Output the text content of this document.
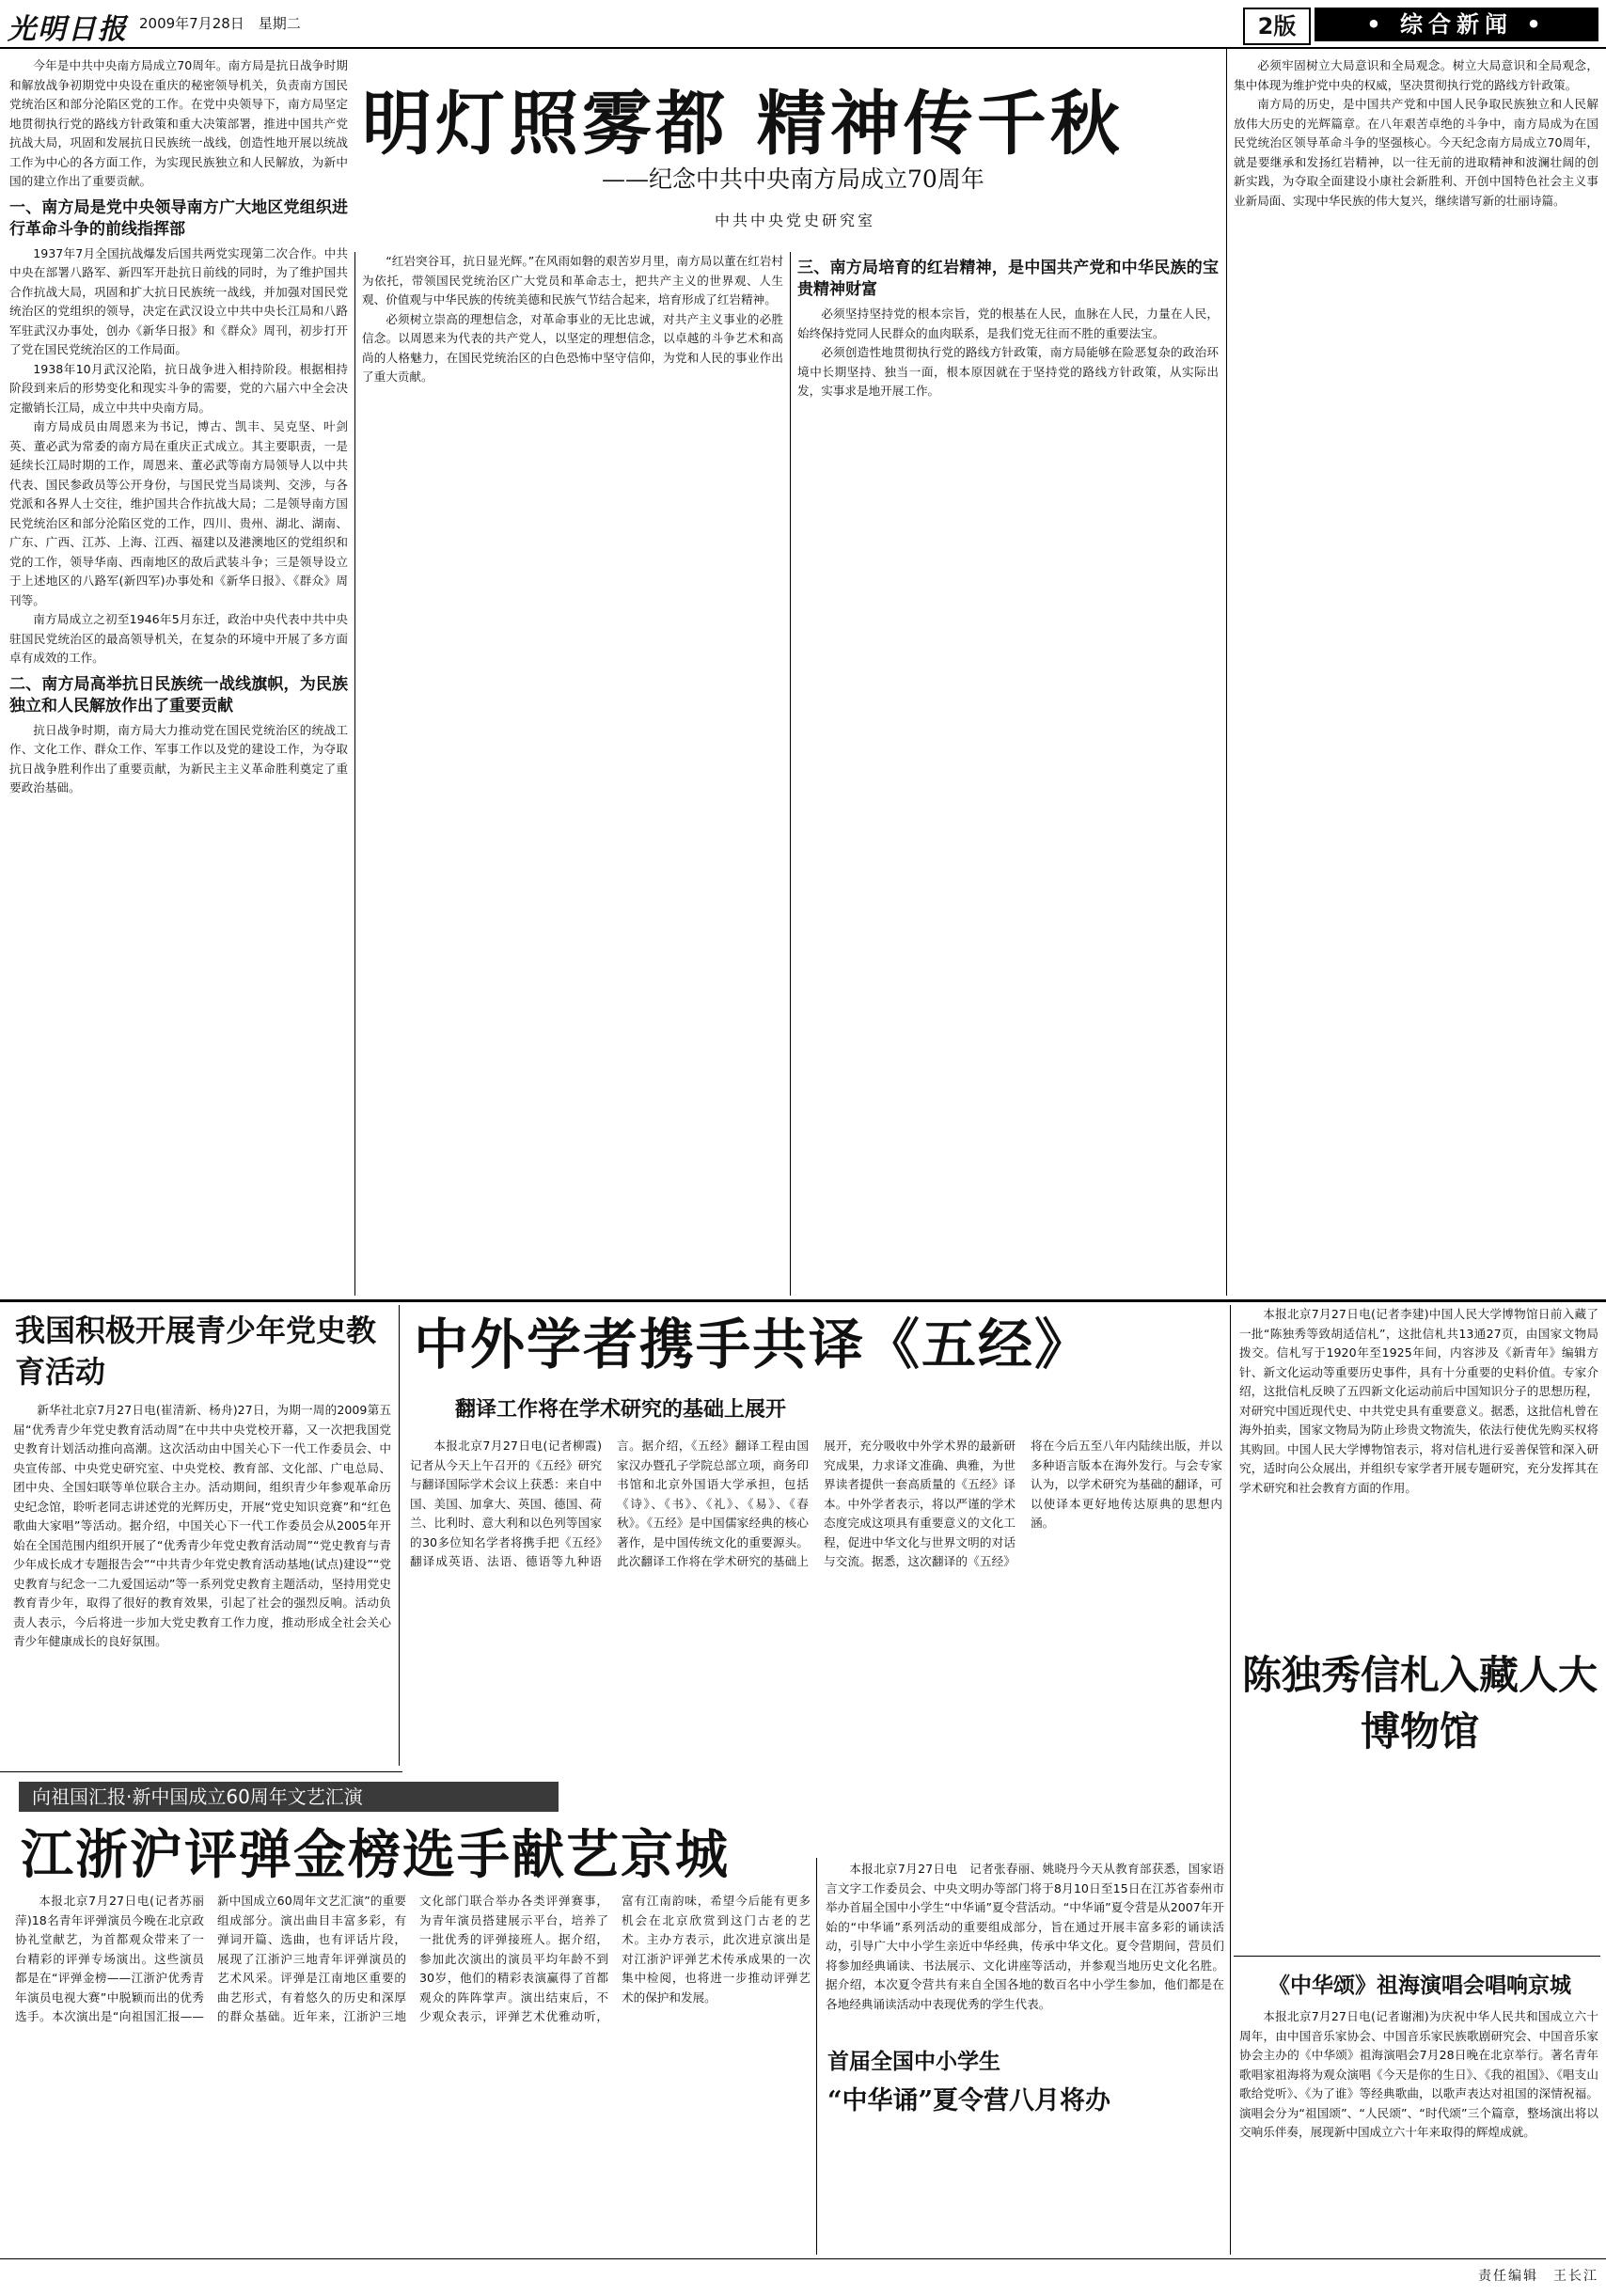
光明日报 2009年7月28日　星期二	2版	• 综合新闻 •
明灯照雾都 精神传千秋
——纪念中共中央南方局成立70周年
中共中央党史研究室

今年是中共中央南方局成立70周年。南方局是抗日战争时期和解放战争初期党中央设在重庆的秘密领导机关，负责南方国民党统治区和部分沦陷区党的工作。在党中央领导下，南方局坚定地贯彻执行党的路线方针政策和重大决策部署，推进中国共产党抗战大局，巩固和发展抗日民族统一战线，创造性地开展以统战工作为中心的各方面工作，为实现民族独立和人民解放，为新中国的建立作出了重要贡献。

一、南方局是党中央领导南方广大地区党组织进行革命斗争的前线指挥部

1937年7月全国抗战爆发后国共两党实现第二次合作。中共中央在部署八路军、新四军开赴抗日前线的同时，为了维护国共合作抗战大局，巩固和扩大抗日民族统一战线，并加强对国民党统治区的党组织的领导，决定在武汉设立中共中央长江局和八路军驻武汉办事处，创办《新华日报》和《群众》周刊，初步打开了党在国民党统治区的工作局面。

1938年10月武汉沦陷，抗日战争进入相持阶段。根据相持阶段到来后的形势变化和现实斗争的需要，党的六届六中全会决定撤销长江局，成立中共中央南方局。

南方局成员由周恩来为书记，博古、凯丰、吴克坚、叶剑英、董必武为常委的南方局在重庆正式成立。其主要职责，一是延续长江局时期的工作，周恩来、董必武等南方局领导人以中共代表、国民参政员等公开身份，与国民党当局谈判、交涉，与各党派和各界人士交往，维护国共合作抗战大局；二是领导南方国民党统治区和部分沦陷区党的工作，四川、贵州、湖北、湖南、广东、广西、江苏、上海、江西、福建以及港澳地区的党组织和党的工作，领导华南、西南地区的敌后武装斗争；三是领导设立于上述地区的八路军(新四军)办事处和《新华日报》、《群众》周刊等。

南方局成立之初至1946年5月东迁，政治中央代表中共中央驻国民党统治区的最高领导机关，在复杂的环境中开展了多方面卓有成效的工作。

二、南方局高举抗日民族统一战线旗帜，为民族独立和人民解放作出了重要贡献

抗日战争时期，南方局大力推动党在国民党统治区的统战工作、文化工作、群众工作、军事工作以及党的建设工作，为夺取抗日战争胜利作出了重要贡献，为新民主主义革命胜利奠定了重要政治基础。

“红岩突谷耳，抗日显光辉。”在风雨如磐的艰苦岁月里，南方局以董在红岩村为依托，带领国民党统治区广大党员和革命志士，把共产主义的世界观、人生观、价值观与中华民族的传统美德和民族气节结合起来，培育形成了红岩精神。

必须树立崇高的理想信念，对革命事业的无比忠诚，对共产主义事业的必胜信念。以周恩来为代表的共产党人，以坚定的理想信念，以卓越的斗争艺术和高尚的人格魅力，在国民党统治区的白色恐怖中坚守信仰，为党和人民的事业作出了重大贡献。

三、南方局培育的红岩精神，是中国共产党和中华民族的宝贵精神财富

必须坚持坚持党的根本宗旨，党的根基在人民，血脉在人民，力量在人民，始终保持党同人民群众的血肉联系，是我们党无往而不胜的重要法宝。

必须创造性地贯彻执行党的路线方针政策，南方局能够在险恶复杂的政治环境中长期坚持、独当一面，根本原因就在于坚持党的路线方针政策，从实际出发，实事求是地开展工作。

必须牢固树立大局意识和全局观念。树立大局意识和全局观念，集中体现为维护党中央的权威，坚决贯彻执行党的路线方针政策。

南方局的历史，是中国共产党和中国人民争取民族独立和人民解放伟大历史的光辉篇章。在八年艰苦卓绝的斗争中，南方局成为在国民党统治区领导革命斗争的坚强核心。今天纪念南方局成立70周年，就是要继承和发扬红岩精神，以一往无前的进取精神和波澜壮阔的创新实践，为夺取全面建设小康社会新胜利、开创中国特色社会主义事业新局面、实现中华民族的伟大复兴，继续谱写新的壮丽诗篇。

我国积极开展青少年党史教育活动

新华社北京7月27日电(崔清新、杨舟)27日，为期一周的2009第五届“优秀青少年党史教育活动周”在中共中央党校开幕，又一次把我国党史教育计划活动推向高潮。这次活动由中国关心下一代工作委员会、中央宣传部、中央党史研究室、中央党校、教育部、文化部、广电总局、团中央、全国妇联等单位联合主办。活动期间，组织青少年参观革命历史纪念馆，聆听老同志讲述党的光辉历史，开展“党史知识竞赛”和“红色歌曲大家唱”等活动。据介绍，中国关心下一代工作委员会从2005年开始在全国范围内组织开展了“优秀青少年党史教育活动周”“党史教育与青少年成长成才专题报告会”“中共青少年党史教育活动基地(试点)建设”“党史教育与纪念一二九爱国运动”等一系列党史教育主题活动，坚持用党史教育青少年，取得了很好的教育效果，引起了社会的强烈反响。活动负责人表示，今后将进一步加大党史教育工作力度，推动形成全社会关心青少年健康成长的良好氛围。

中外学者携手共译《五经》
翻译工作将在学术研究的基础上展开

本报北京7月27日电(记者柳霞)记者从今天上午召开的《五经》研究与翻译国际学术会议上获悉：来自中国、美国、加拿大、英国、德国、荷兰、比利时、意大利和以色列等国家的30多位知名学者将携手把《五经》翻译成英语、法语、德语等九种语言。据介绍，《五经》翻译工程由国家汉办暨孔子学院总部立项，商务印书馆和北京外国语大学承担，包括《诗》、《书》、《礼》、《易》、《春秋》。《五经》是中国儒家经典的核心著作，是中国传统文化的重要源头。此次翻译工作将在学术研究的基础上展开，充分吸收中外学术界的最新研究成果，力求译文准确、典雅，为世界读者提供一套高质量的《五经》译本。中外学者表示，将以严谨的学术态度完成这项具有重要意义的文化工程，促进中华文化与世界文明的对话与交流。据悉，这次翻译的《五经》将在今后五至八年内陆续出版，并以多种语言版本在海外发行。与会专家认为，以学术研究为基础的翻译，可以使译本更好地传达原典的思想内涵。

本报北京7月27日电(记者李建)中国人民大学博物馆日前入藏了一批“陈独秀等致胡适信札”，这批信札共13通27页，由国家文物局拨交。信札写于1920年至1925年间，内容涉及《新青年》编辑方针、新文化运动等重要历史事件，具有十分重要的史料价值。专家介绍，这批信札反映了五四新文化运动前后中国知识分子的思想历程，对研究中国近现代史、中共党史具有重要意义。据悉，这批信札曾在海外拍卖，国家文物局为防止珍贵文物流失，依法行使优先购买权将其购回。中国人民大学博物馆表示，将对信札进行妥善保管和深入研究，适时向公众展出，并组织专家学者开展专题研究，充分发挥其在学术研究和社会教育方面的作用。

陈独秀信札入藏人大博物馆
向祖国汇报·新中国成立60周年文艺汇演
江浙沪评弹金榜选手献艺京城

本报北京7月27日电(记者苏丽萍)18名青年评弹演员今晚在北京政协礼堂献艺，为首都观众带来了一台精彩的评弹专场演出。这些演员都是在“评弹金榜——江浙沪优秀青年演员电视大赛”中脱颖而出的优秀选手。本次演出是“向祖国汇报——新中国成立60周年文艺汇演”的重要组成部分。演出曲目丰富多彩，有弹词开篇、选曲，也有评话片段，展现了江浙沪三地青年评弹演员的艺术风采。评弹是江南地区重要的曲艺形式，有着悠久的历史和深厚的群众基础。近年来，江浙沪三地文化部门联合举办各类评弹赛事，为青年演员搭建展示平台，培养了一批优秀的评弹接班人。据介绍，参加此次演出的演员平均年龄不到30岁，他们的精彩表演赢得了首都观众的阵阵掌声。演出结束后，不少观众表示，评弹艺术优雅动听，富有江南韵味，希望今后能有更多机会在北京欣赏到这门古老的艺术。主办方表示，此次进京演出是对江浙沪评弹艺术传承成果的一次集中检阅，也将进一步推动评弹艺术的保护和发展。

本报北京7月27日电　记者张春丽、姚晓丹今天从教育部获悉，国家语言文字工作委员会、中央文明办等部门将于8月10日至15日在江苏省泰州市举办首届全国中小学生“中华诵”夏令营活动。“中华诵”夏令营是从2007年开始的“中华诵”系列活动的重要组成部分，旨在通过开展丰富多彩的诵读活动，引导广大中小学生亲近中华经典，传承中华文化。夏令营期间，营员们将参加经典诵读、书法展示、文化讲座等活动，并参观当地历史文化名胜。据介绍，本次夏令营共有来自全国各地的数百名中小学生参加，他们都是在各地经典诵读活动中表现优秀的学生代表。

首届全国中小学生
“中华诵”夏令营八月将办
《中华颂》祖海演唱会唱响京城

本报北京7月27日电(记者谢湘)为庆祝中华人民共和国成立六十周年，由中国音乐家协会、中国音乐家民族歌剧研究会、中国音乐家协会主办的《中华颂》祖海演唱会7月28日晚在北京举行。著名青年歌唱家祖海将为观众演唱《今天是你的生日》、《我的祖国》、《唱支山歌给党听》、《为了谁》等经典歌曲，以歌声表达对祖国的深情祝福。演唱会分为“祖国颂”、“人民颂”、“时代颂”三个篇章，整场演出将以交响乐伴奏，展现新中国成立六十年来取得的辉煌成就。

责任编辑　王长江
